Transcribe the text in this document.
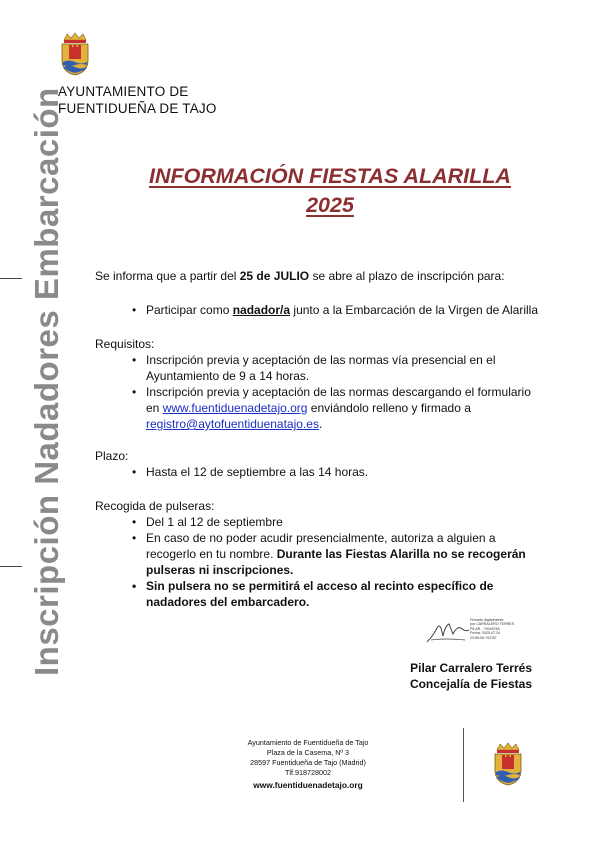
AYUNTAMIENTO DE
FUENTIDUEÑA DE TAJO
Inscripción Nadadores Embarcación	INFORMACIÓN FIESTAS ALARILLA
2025
Se informa que a partir del 25 de JULIO se abre al plazo de inscripción para:
• Participar como nadador/a junto a la Embarcación de la Virgen de Alarilla
Requisitos:
• Inscripción previa y aceptación de las normas vía presencial en el Ayuntamiento de 9 a 14 horas.
• Inscripción previa y aceptación de las normas descargando el formulario en www.fuentiduenadetajo.org enviándolo relleno y firmado a registro@aytofuentiduenatajo.es.
Plazo:
• Hasta el 12 de septiembre a las 14 horas.
Recogida de pulseras:
• Del 1 al 12 de septiembre
• En caso de no poder acudir presencialmente, autoriza a alguien a recogerlo en tu nombre. Durante las Fiestas Alarilla no se recogerán pulseras ni inscripciones.
• Sin pulsera no se permitirá el acceso al recinto específico de nadadores del embarcadero.
Firmado digitalmente
por CARRALERO TERRES
PILAR - 70049765
Fecha: 2025.07.24
23:59:08 +02'00'
Pilar Carralero Terrés
Concejalía de Fiestas
Ayuntamiento de Fuentidueña de Tajo
Plaza de la Casema, Nº 3
28597 Fuentidueña de Tajo (Madrid)
Tlf.918728002
www.fuentiduenadetajo.org
